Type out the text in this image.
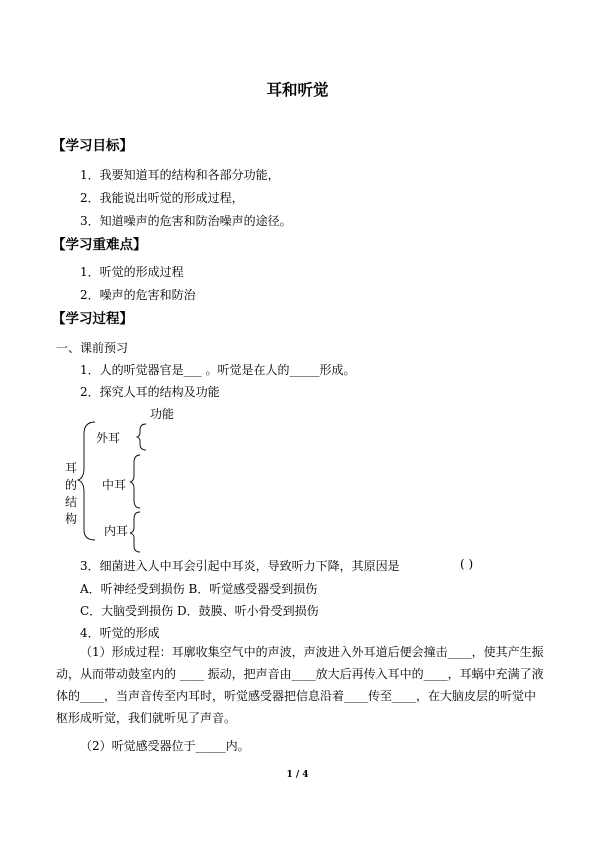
耳和听觉
【学习目标】
1．我要知道耳的结构和各部分功能，
2．我能说出听觉的形成过程，
3．知道噪声的危害和防治噪声的途径。
【学习重难点】
1．听觉的形成过程
2．噪声的危害和防治
【学习过程】
一、课前预习
1．人的听觉器官是___ 。听觉是在人的_____形成。
2．探究人耳的结构及功能
功能
耳的结构
外耳
中耳
内耳
3．细菌进入人中耳会引起中耳炎，导致听力下降，其原因是	( )
A．听神经受到损伤 B．听觉感受器受到损伤
C．大脑受到损伤 D．鼓膜、听小骨受到损伤
4．听觉的形成
（1）形成过程：耳廓收集空气中的声波，声波进入外耳道后便会撞击____，使其产生振动，从而带动鼓室内的 ____ 振动，把声音由____放大后再传入耳中的____，耳蜗中充满了液体的____，当声音传至内耳时，听觉感受器把信息沿着____传至____，在大脑皮层的听觉中枢形成听觉，我们就听见了声音。
（2）听觉感受器位于_____内。
1 / 4
